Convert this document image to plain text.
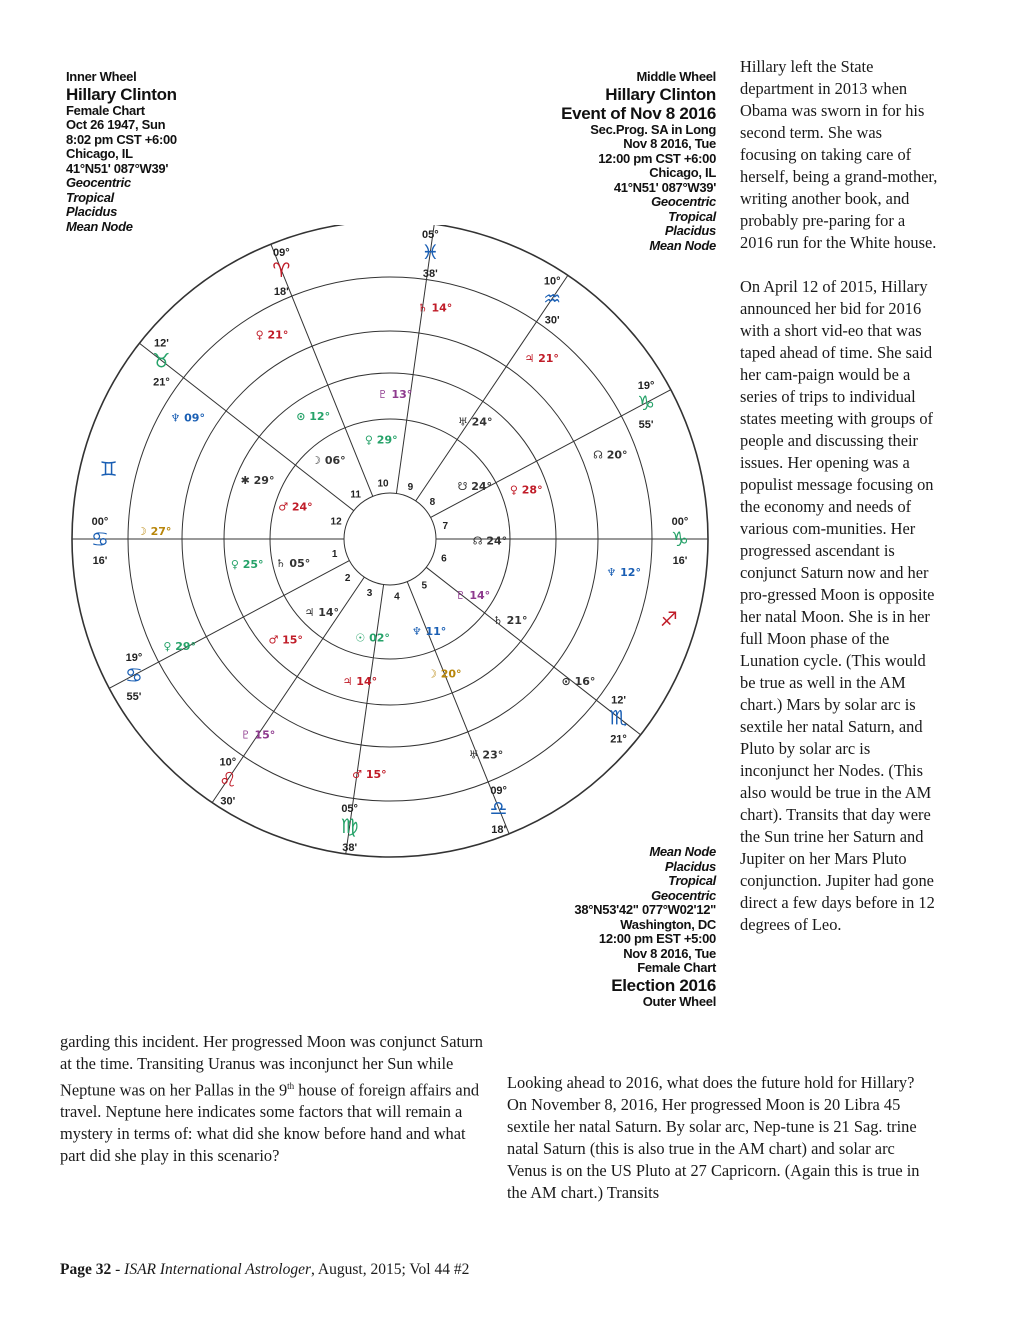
Inner Wheel
Hillary Clinton
Female Chart
Oct 26 1947, Sun
8:02 pm CST +6:00
Chicago, IL
41°N51' 087°W39'
Geocentric
Tropical
Placidus
Mean Node
Middle Wheel
Hillary Clinton
Event of Nov 8 2016
Sec.Prog. SA in Long
Nov 8 2016, Tue
12:00 pm CST +6:00
Chicago, IL
41°N51' 087°W39'
Geocentric
Tropical
Placidus
Mean Node
1
2
3 4
5
6
7
8
9
10
11
12
♋
00°
16'
♋
19°
55'
♌
10°
30'
♍
05°
38'
♎
09°
18'
♏
12'
21°
♑
00°
16'
♑
19°
55'
♒
10°
30'
♓
05°
38'
♈
09°
18'
♉
12'
21°
♊
♐
♀ 29°
☽ 06°
♂ 24°
♄ 05°
♃ 14°
☉ 02° ♆ 11°
♇ 14°
☊ 24°
☋ 24° ♀ 28°
♅ 24°
♇ 13°
⊙ 12°
✱ 29°
♀ 25°
♂ 15°
♃ 14°
☽ 20°
♄ 21°
♀ 21°
♆ 09°
☽ 27°
♀ 29°
♇ 15°
♂ 15°
♅ 23°
⊙ 16°
♆ 12°
☊ 20°
♃ 21°
♄ 14°
Mean Node
Placidus
Tropical
Geocentric
38°N53'42" 077°W02'12"
Washington, DC
12:00 pm EST +5:00
Nov 8 2016, Tue
Female Chart
Election 2016
Outer Wheel

Hillary left the State department in 2013 when Obama was sworn in for his second term. She was focusing on taking care of herself, being a grand-mother, writing another book, and probably pre-paring for a 2016 run for the White house.

On April 12 of 2015, Hillary announced her bid for 2016 with a short vid-eo that was taped ahead of time. She said her cam-paign would be a series of trips to individual states meeting with groups of people and discussing their issues. Her opening was a populist message focusing on the economy and needs of various com-munities. Her progressed ascendant is conjunct Saturn now and her pro-gressed Moon is opposite her natal Moon. She is in her full Moon phase of the Lunation cycle. (This would be true as well in the AM chart.) Mars by solar arc is sextile her natal Saturn, and Pluto by solar arc is inconjunct her Nodes. (This also would be true in the AM chart). Transits that day were the Sun trine her Saturn and Jupiter on her Mars Pluto conjunction. Jupiter had gone direct a few days before in 12 degrees of Leo.

garding this incident. Her progressed Moon was conjunct Saturn at the time. Transiting Uranus was inconjunct her Sun while Neptune was on her Pallas in the 9th house of foreign affairs and travel. Neptune here indicates some factors that will remain a mystery in terms of: what did she know before hand and what part did she play in this scenario?

Looking ahead to 2016, what does the future hold for Hillary? On November 8, 2016, Her progressed Moon is 20 Libra 45 sextile her natal Saturn. By solar arc, Nep-tune is 21 Sag. trine natal Saturn (this is also true in the AM chart) and solar arc Venus is on the US Pluto at 27 Capricorn. (Again this is true in the AM chart.) Transits

Page 32 - ISAR International Astrologer, August, 2015; Vol 44 #2
